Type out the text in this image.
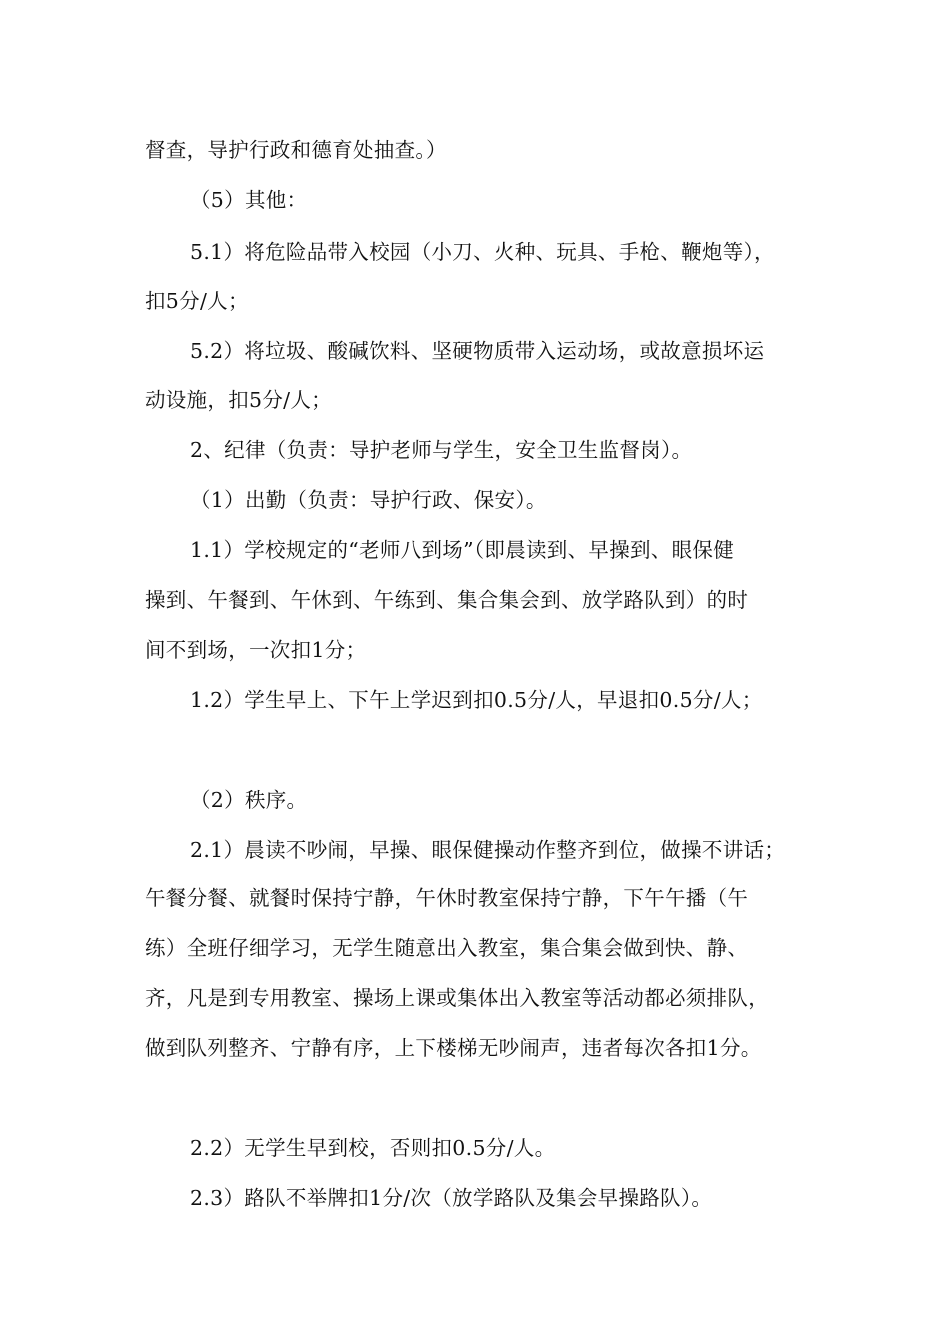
督查，导护行政和德育处抽查。）
（5）其他：
5.1）将危险品带入校园（小刀、火种、玩具、手枪、鞭炮等），
扣5分/人；
5.2）将垃圾、酸碱饮料、坚硬物质带入运动场，或故意损坏运
动设施，扣5分/人；
2、纪律（负责：导护老师与学生，安全卫生监督岗）。
（1）出勤（负责：导护行政、保安）。
1.1）学校规定的“老师八到场”（即晨读到、早操到、眼保健
操到、午餐到、午休到、午练到、集合集会到、放学路队到）的时
间不到场，一次扣1分；
1.2）学生早上、下午上学迟到扣0.5分/人，早退扣0.5分/人；
（2）秩序。
2.1）晨读不吵闹，早操、眼保健操动作整齐到位，做操不讲话；
午餐分餐、就餐时保持宁静，午休时教室保持宁静，下午午播（午
练）全班仔细学习，无学生随意出入教室，集合集会做到快、静、
齐，凡是到专用教室、操场上课或集体出入教室等活动都必须排队，
做到队列整齐、宁静有序，上下楼梯无吵闹声，违者每次各扣1分。
2.2）无学生早到校，否则扣0.5分/人。
2.3）路队不举牌扣1分/次（放学路队及集会早操路队）。
